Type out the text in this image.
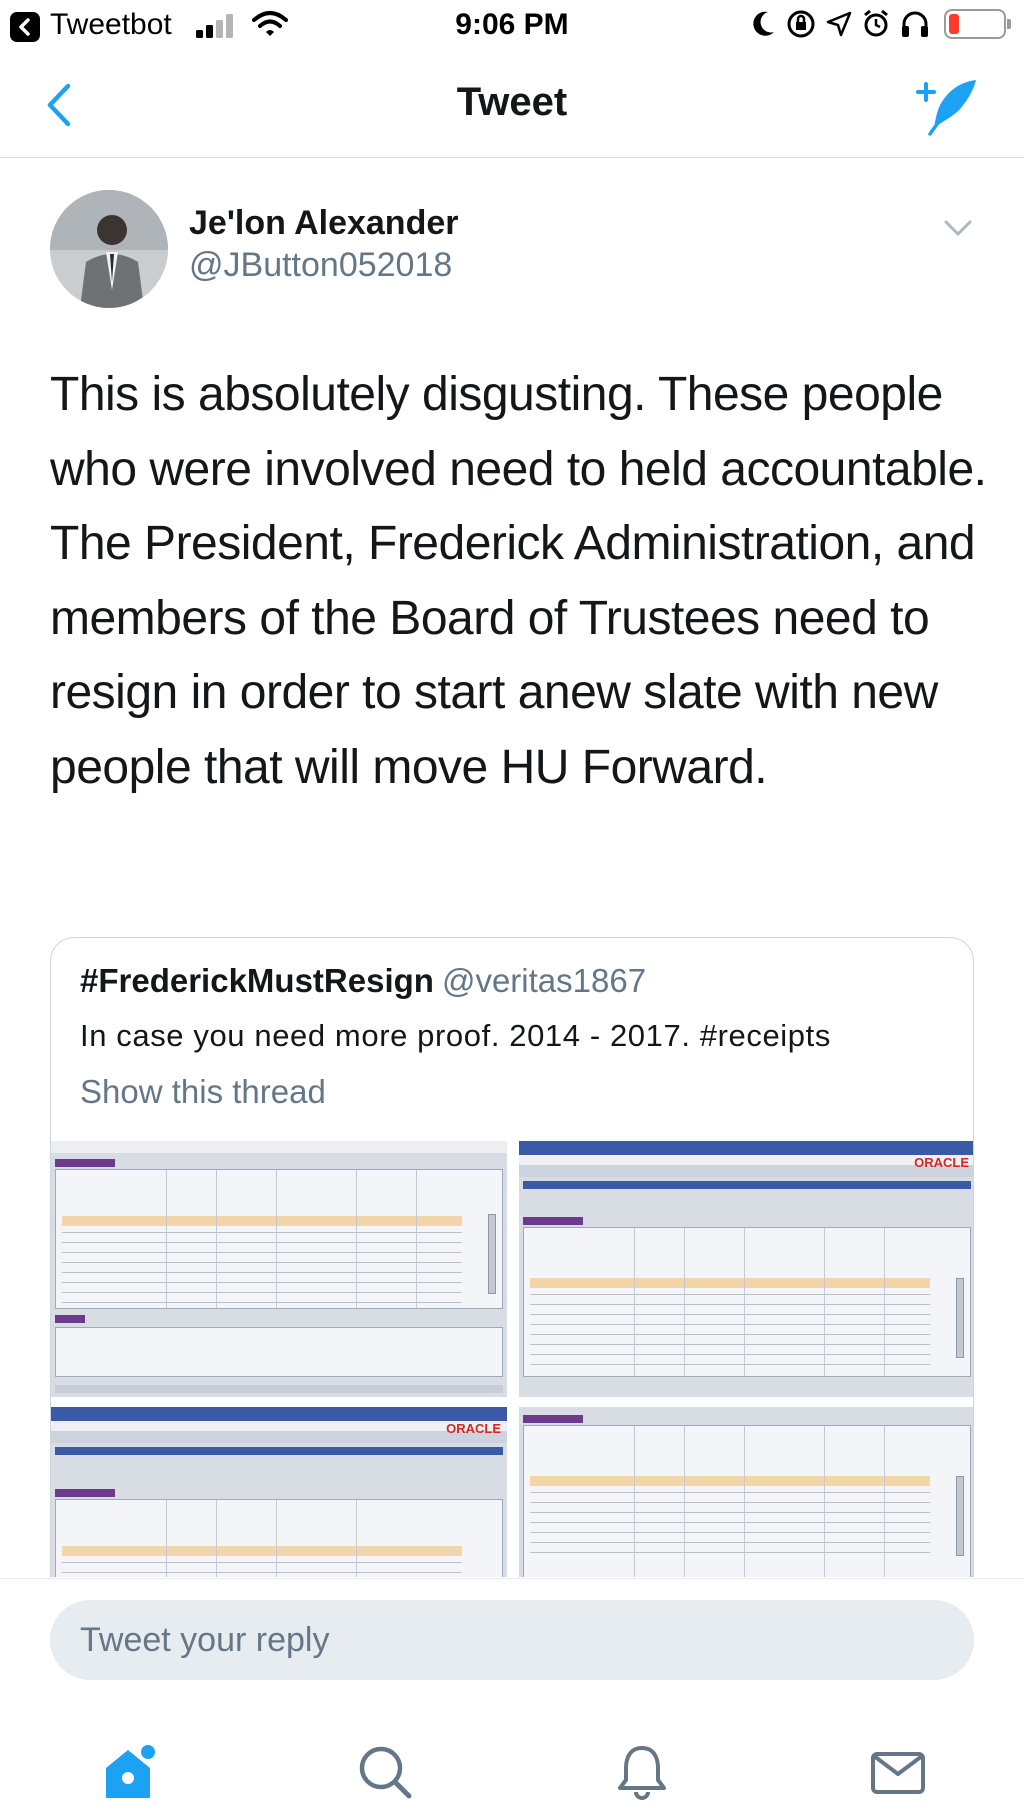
Tweetbot	9:06 PM
Tweet
Je'lon Alexander
@JButton052018
This is absolutely disgusting. These people who were involved need to held accountable. The President, Frederick Administration, and members of the Board of Trustees need to resign in order to start anew slate with new people that will move HU Forward.
#FrederickMustResign @veritas1867
In case you need more proof. 2014 - 2017. #receipts
Show this thread
ORACLE
ORACLE
Tweet your reply
